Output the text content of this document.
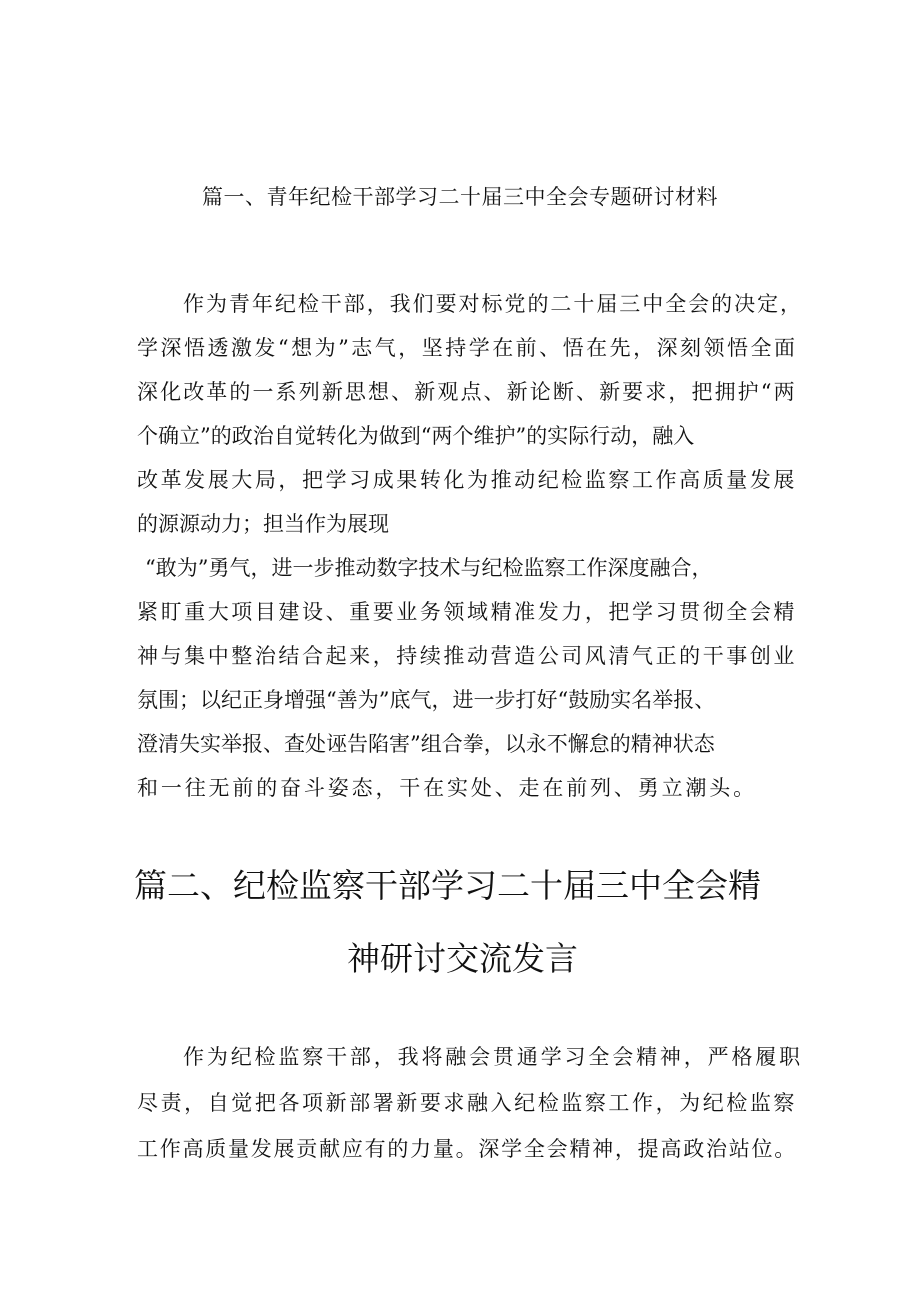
篇一、青年纪检干部学习二十届三中全会专题研讨材料
作为青年纪检干部，我们要对标党的二十届三中全会的决定，
学深悟透激发“想为”志气，坚持学在前、悟在先，深刻领悟全面
深化改革的一系列新思想、新观点、新论断、新要求，把拥护“两
个确立”的政治自觉转化为做到“两个维护”的实际行动，融入
改革发展大局，把学习成果转化为推动纪检监察工作高质量发展
的源源动力；担当作为展现
“敢为”勇气，进一步推动数字技术与纪检监察工作深度融合，
紧盯重大项目建设、重要业务领域精准发力，把学习贯彻全会精
神与集中整治结合起来，持续推动营造公司风清气正的干事创业
氛围；以纪正身增强“善为”底气，进一步打好“鼓励实名举报、
澄清失实举报、查处诬告陷害”组合拳，以永不懈怠的精神状态
和一往无前的奋斗姿态，干在实处、走在前列、勇立潮头。
篇二、纪检监察干部学习二十届三中全会精
神研讨交流发言
作为纪检监察干部，我将融会贯通学习全会精神，严格履职
尽责，自觉把各项新部署新要求融入纪检监察工作，为纪检监察
工作高质量发展贡献应有的力量。深学全会精神，提高政治站位。
